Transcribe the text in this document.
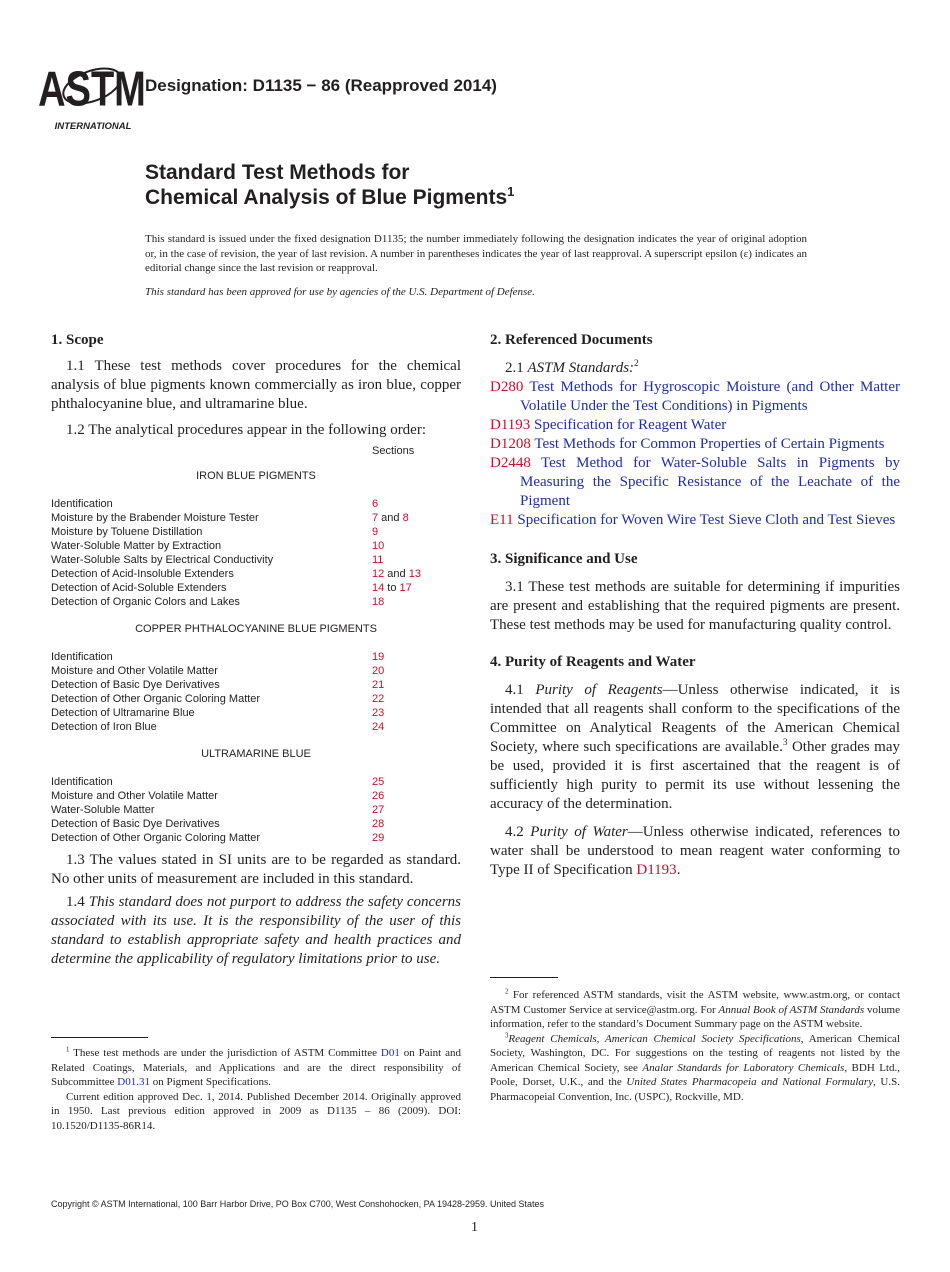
ASTM
INTERNATIONAL
Designation: D1135 − 86 (Reapproved 2014)
Standard Test Methods for
Chemical Analysis of Blue Pigments$^1$
This standard is issued under the fixed designation D1135; the number immediately following the designation indicates the year of original adoption or, in the case of revision, the year of last revision. A number in parentheses indicates the year of last reapproval. A superscript epsilon (ε) indicates an editorial change since the last revision or reapproval.
This standard has been approved for use by agencies of the U.S. Department of Defense.
1. Scope

1.1 These test methods cover procedures for the chemical analysis of blue pigments known commercially as iron blue, copper phthalocyanine blue, and ultramarine blue.

1.2 The analytical procedures appear in the following order:

Sections
IRON BLUE PIGMENTS
Identification	6
Moisture by the Brabender Moisture Tester	7 and 8
Moisture by Toluene Distillation	9
Water-Soluble Matter by Extraction	10
Water-Soluble Salts by Electrical Conductivity	11
Detection of Acid-Insoluble Extenders	12 and 13
Detection of Acid-Soluble Extenders	14 to 17
Detection of Organic Colors and Lakes	18
COPPER PHTHALOCYANINE BLUE PIGMENTS
Identification	19
Moisture and Other Volatile Matter	20
Detection of Basic Dye Derivatives	21
Detection of Other Organic Coloring Matter	22
Detection of Ultramarine Blue	23
Detection of Iron Blue	24
ULTRAMARINE BLUE
Identification	25
Moisture and Other Volatile Matter	26
Water-Soluble Matter	27
Detection of Basic Dye Derivatives	28
Detection of Other Organic Coloring Matter	29

1.3 The values stated in SI units are to be regarded as standard. No other units of measurement are included in this standard.

1.4 This standard does not purport to address the safety concerns associated with its use. It is the responsibility of the user of this standard to establish appropriate safety and health practices and determine the applicability of regulatory limitations prior to use.

$^1$ These test methods are under the jurisdiction of ASTM Committee D01 on Paint and Related Coatings, Materials, and Applications and are the direct responsibility of Subcommittee D01.31 on Pigment Specifications.

Current edition approved Dec. 1, 2014. Published December 2014. Originally approved in 1950. Last previous edition approved in 2009 as D1135 – 86 (2009). DOI: 10.1520/D1135-86R14.

2. Referenced Documents

2.1 ASTM Standards:$^2$

D280 Test Methods for Hygroscopic Moisture (and Other Matter Volatile Under the Test Conditions) in Pigments
D1193 Specification for Reagent Water
D1208 Test Methods for Common Properties of Certain Pigments
D2448 Test Method for Water-Soluble Salts in Pigments by Measuring the Specific Resistance of the Leachate of the Pigment
E11 Specification for Woven Wire Test Sieve Cloth and Test Sieves
3. Significance and Use

3.1 These test methods are suitable for determining if impurities are present and establishing that the required pigments are present. These test methods may be used for manufacturing quality control.

4. Purity of Reagents and Water

4.1 Purity of Reagents—Unless otherwise indicated, it is intended that all reagents shall conform to the specifications of the Committee on Analytical Reagents of the American Chemical Society, where such specifications are available.$^3$ Other grades may be used, provided it is first ascertained that the reagent is of sufficiently high purity to permit its use without lessening the accuracy of the determination.

4.2 Purity of Water—Unless otherwise indicated, references to water shall be understood to mean reagent water conforming to Type II of Specification D1193.

$^2$ For referenced ASTM standards, visit the ASTM website, www.astm.org, or contact ASTM Customer Service at service@astm.org. For Annual Book of ASTM Standards volume information, refer to the standard’s Document Summary page on the ASTM website.

$^3$Reagent Chemicals, American Chemical Society Specifications, American Chemical Society, Washington, DC. For suggestions on the testing of reagents not listed by the American Chemical Society, see Analar Standards for Laboratory Chemicals, BDH Ltd., Poole, Dorset, U.K., and the United States Pharmacopeia and National Formulary, U.S. Pharmacopeial Convention, Inc. (USPC), Rockville, MD.

Copyright © ASTM International, 100 Barr Harbor Drive, PO Box C700, West Conshohocken, PA 19428-2959. United States
1
